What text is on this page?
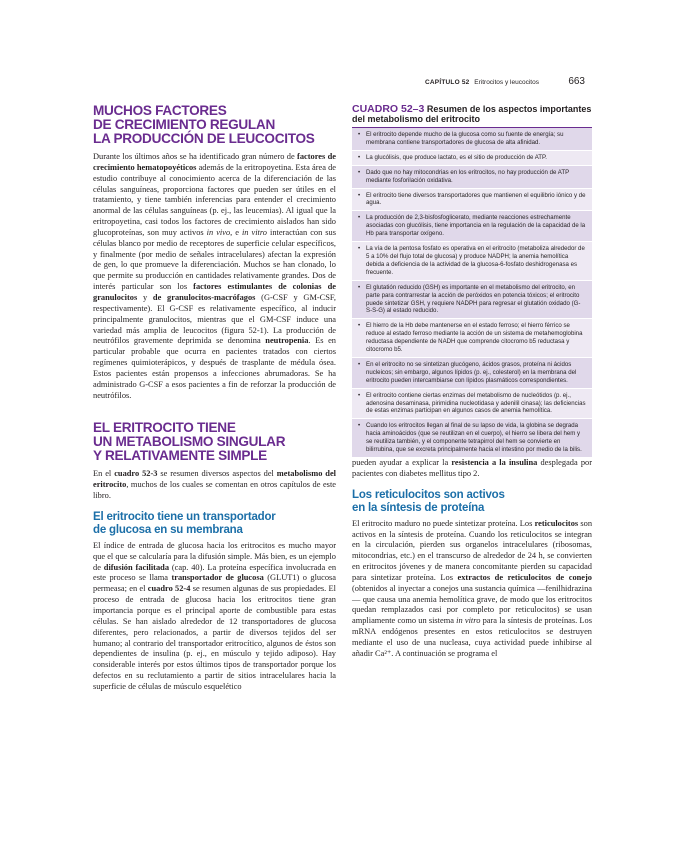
CAPÍTULO 52 Eritrocitos y leucocitos	663
MUCHOS FACTORES
DE CRECIMIENTO REGULAN
LA PRODUCCIÓN DE LEUCOCITOS

Durante los últimos años se ha identificado gran número de factores de crecimiento hematopoyéticos además de la eritropoyetina. Esta área de estudio contribuye al conocimiento acerca de la diferenciación de las células sanguíneas, proporciona factores que pueden ser útiles en el tratamiento, y tiene también inferencias para entender el crecimiento anormal de las células sanguíneas (p. ej., las leucemias). Al igual que la eritropoyetina, casi todos los factores de crecimiento aislados han sido glucoproteínas, son muy activos in vivo, e in vitro interactúan con sus células blanco por medio de receptores de superficie celular específicos, y finalmente (por medio de señales intracelulares) afectan la expresión de gen, lo que promueve la diferenciación. Muchos se han clonado, lo que permite su producción en cantidades relativamente grandes. Dos de interés particular son los factores estimulantes de colonias de granulocitos y de granulocitos-macrófagos (G-CSF y GM-CSF, respectivamente). El G-CSF es relativamente específico, al inducir principalmente granulocitos, mientras que el GM-CSF induce una variedad más amplia de leucocitos (figura 52-1). La producción de neutrófilos gravemente deprimida se denomina neutropenia. Es en particular probable que ocurra en pacientes tratados con ciertos regímenes quimioterápicos, y después de trasplante de médula ósea. Estos pacientes están propensos a infecciones abrumadoras. Se ha administrado G-CSF a esos pacientes a fin de reforzar la producción de neutrófilos.

EL ERITROCITO TIENE
UN METABOLISMO SINGULAR
Y RELATIVAMENTE SIMPLE

En el cuadro 52-3 se resumen diversos aspectos del metabolismo del eritrocito, muchos de los cuales se comentan en otros capítulos de este libro.

El eritrocito tiene un transportador
de glucosa en su membrana

El índice de entrada de glucosa hacia los eritrocitos es mucho mayor que el que se calcularía para la difusión simple. Más bien, es un ejemplo de difusión facilitada (cap. 40). La proteína específica involucrada en este proceso se llama transportador de glucosa (GLUT1) o glucosa permeasa; en el cuadro 52-4 se resumen algunas de sus propiedades. El proceso de entrada de glucosa hacia los eritrocitos tiene gran importancia porque es el principal aporte de combustible para estas células. Se han aislado alrededor de 12 transportadores de glucosa diferentes, pero relacionados, a partir de diversos tejidos del ser humano; al contrario del transportador eritrocítico, algunos de éstos son dependientes de insulina (p. ej., en músculo y tejido adiposo). Hay considerable interés por estos últimos tipos de transportador porque los defectos en su reclutamiento a partir de sitios intracelulares hacia la superficie de células de músculo esquelético

CUADRO 52–3 Resumen de los aspectos importantes
del metabolismo del eritrocito
• El eritrocito depende mucho de la glucosa como su fuente de energía; su membrana contiene transportadores de glucosa de alta afinidad.
• La glucólisis, que produce lactato, es el sitio de producción de ATP.
• Dado que no hay mitocondrias en los eritrocitos, no hay producción de ATP mediante fosforilación oxidativa.
• El eritrocito tiene diversos transportadores que mantienen el equilibrio iónico y de agua.
• La producción de 2,3-bisfosfoglicerato, mediante reacciones estrechamente asociadas con glucólisis, tiene importancia en la regulación de la capacidad de la Hb para transportar oxígeno.
• La vía de la pentosa fosfato es operativa en el eritrocito (metaboliza alrededor de 5 a 10% del flujo total de glucosa) y produce NADPH; la anemia hemolítica debida a deficiencia de la actividad de la glucosa-6-fosfato deshidrogenasa es frecuente.
• El glutatión reducido (GSH) es importante en el metabolismo del eritrocito, en parte para contrarrestar la acción de peróxidos en potencia tóxicos; el eritrocito puede sintetizar GSH, y requiere NADPH para regresar el glutatión oxidado (G-S-S-G) al estado reducido.
• El hierro de la Hb debe mantenerse en el estado ferroso; el hierro férrico se reduce al estado ferroso mediante la acción de un sistema de metahemoglobina reductasa dependiente de NADH que comprende citocromo b5 reductasa y citocromo b5.
• En el eritrocito no se sintetizan glucógeno, ácidos grasos, proteína ni ácidos nucleicos; sin embargo, algunos lípidos (p. ej., colesterol) en la membrana del eritrocito pueden intercambiarse con lípidos plasmáticos correspondientes.
• El eritrocito contiene ciertas enzimas del metabolismo de nucleótidos (p. ej., adenosina desaminasa, pirimidina nucleotidasa y adenilil cinasa); las deficiencias de estas enzimas participan en algunos casos de anemia hemolítica.
• Cuando los eritrocitos llegan al final de su lapso de vida, la globina se degrada hacia aminoácidos (que se reutilizan en el cuerpo), el hierro se libera del hem y se reutiliza también, y el componente tetrapirrol del hem se convierte en bilirrubina, que se excreta principalmente hacia el intestino por medio de la bilis.

pueden ayudar a explicar la resistencia a la insulina desplegada por pacientes con diabetes mellitus tipo 2.

Los reticulocitos son activos
en la síntesis de proteína

El eritrocito maduro no puede sintetizar proteína. Los reticulocitos son activos en la síntesis de proteína. Cuando los reticulocitos se integran en la circulación, pierden sus organelos intracelulares (ribosomas, mitocondrias, etc.) en el transcurso de alrededor de 24 h, se convierten en eritrocitos jóvenes y de manera concomitante pierden su capacidad para sintetizar proteína. Los extractos de reticulocitos de conejo (obtenidos al inyectar a conejos una sustancia química —fenilhidrazina— que causa una anemia hemolítica grave, de modo que los eritrocitos quedan remplazados casi por completo por reticulocitos) se usan ampliamente como un sistema in vitro para la síntesis de proteínas. Los mRNA endógenos presentes en estos reticulocitos se destruyen mediante el uso de una nucleasa, cuya actividad puede inhibirse al añadir Ca²⁺. A continuación se programa el
